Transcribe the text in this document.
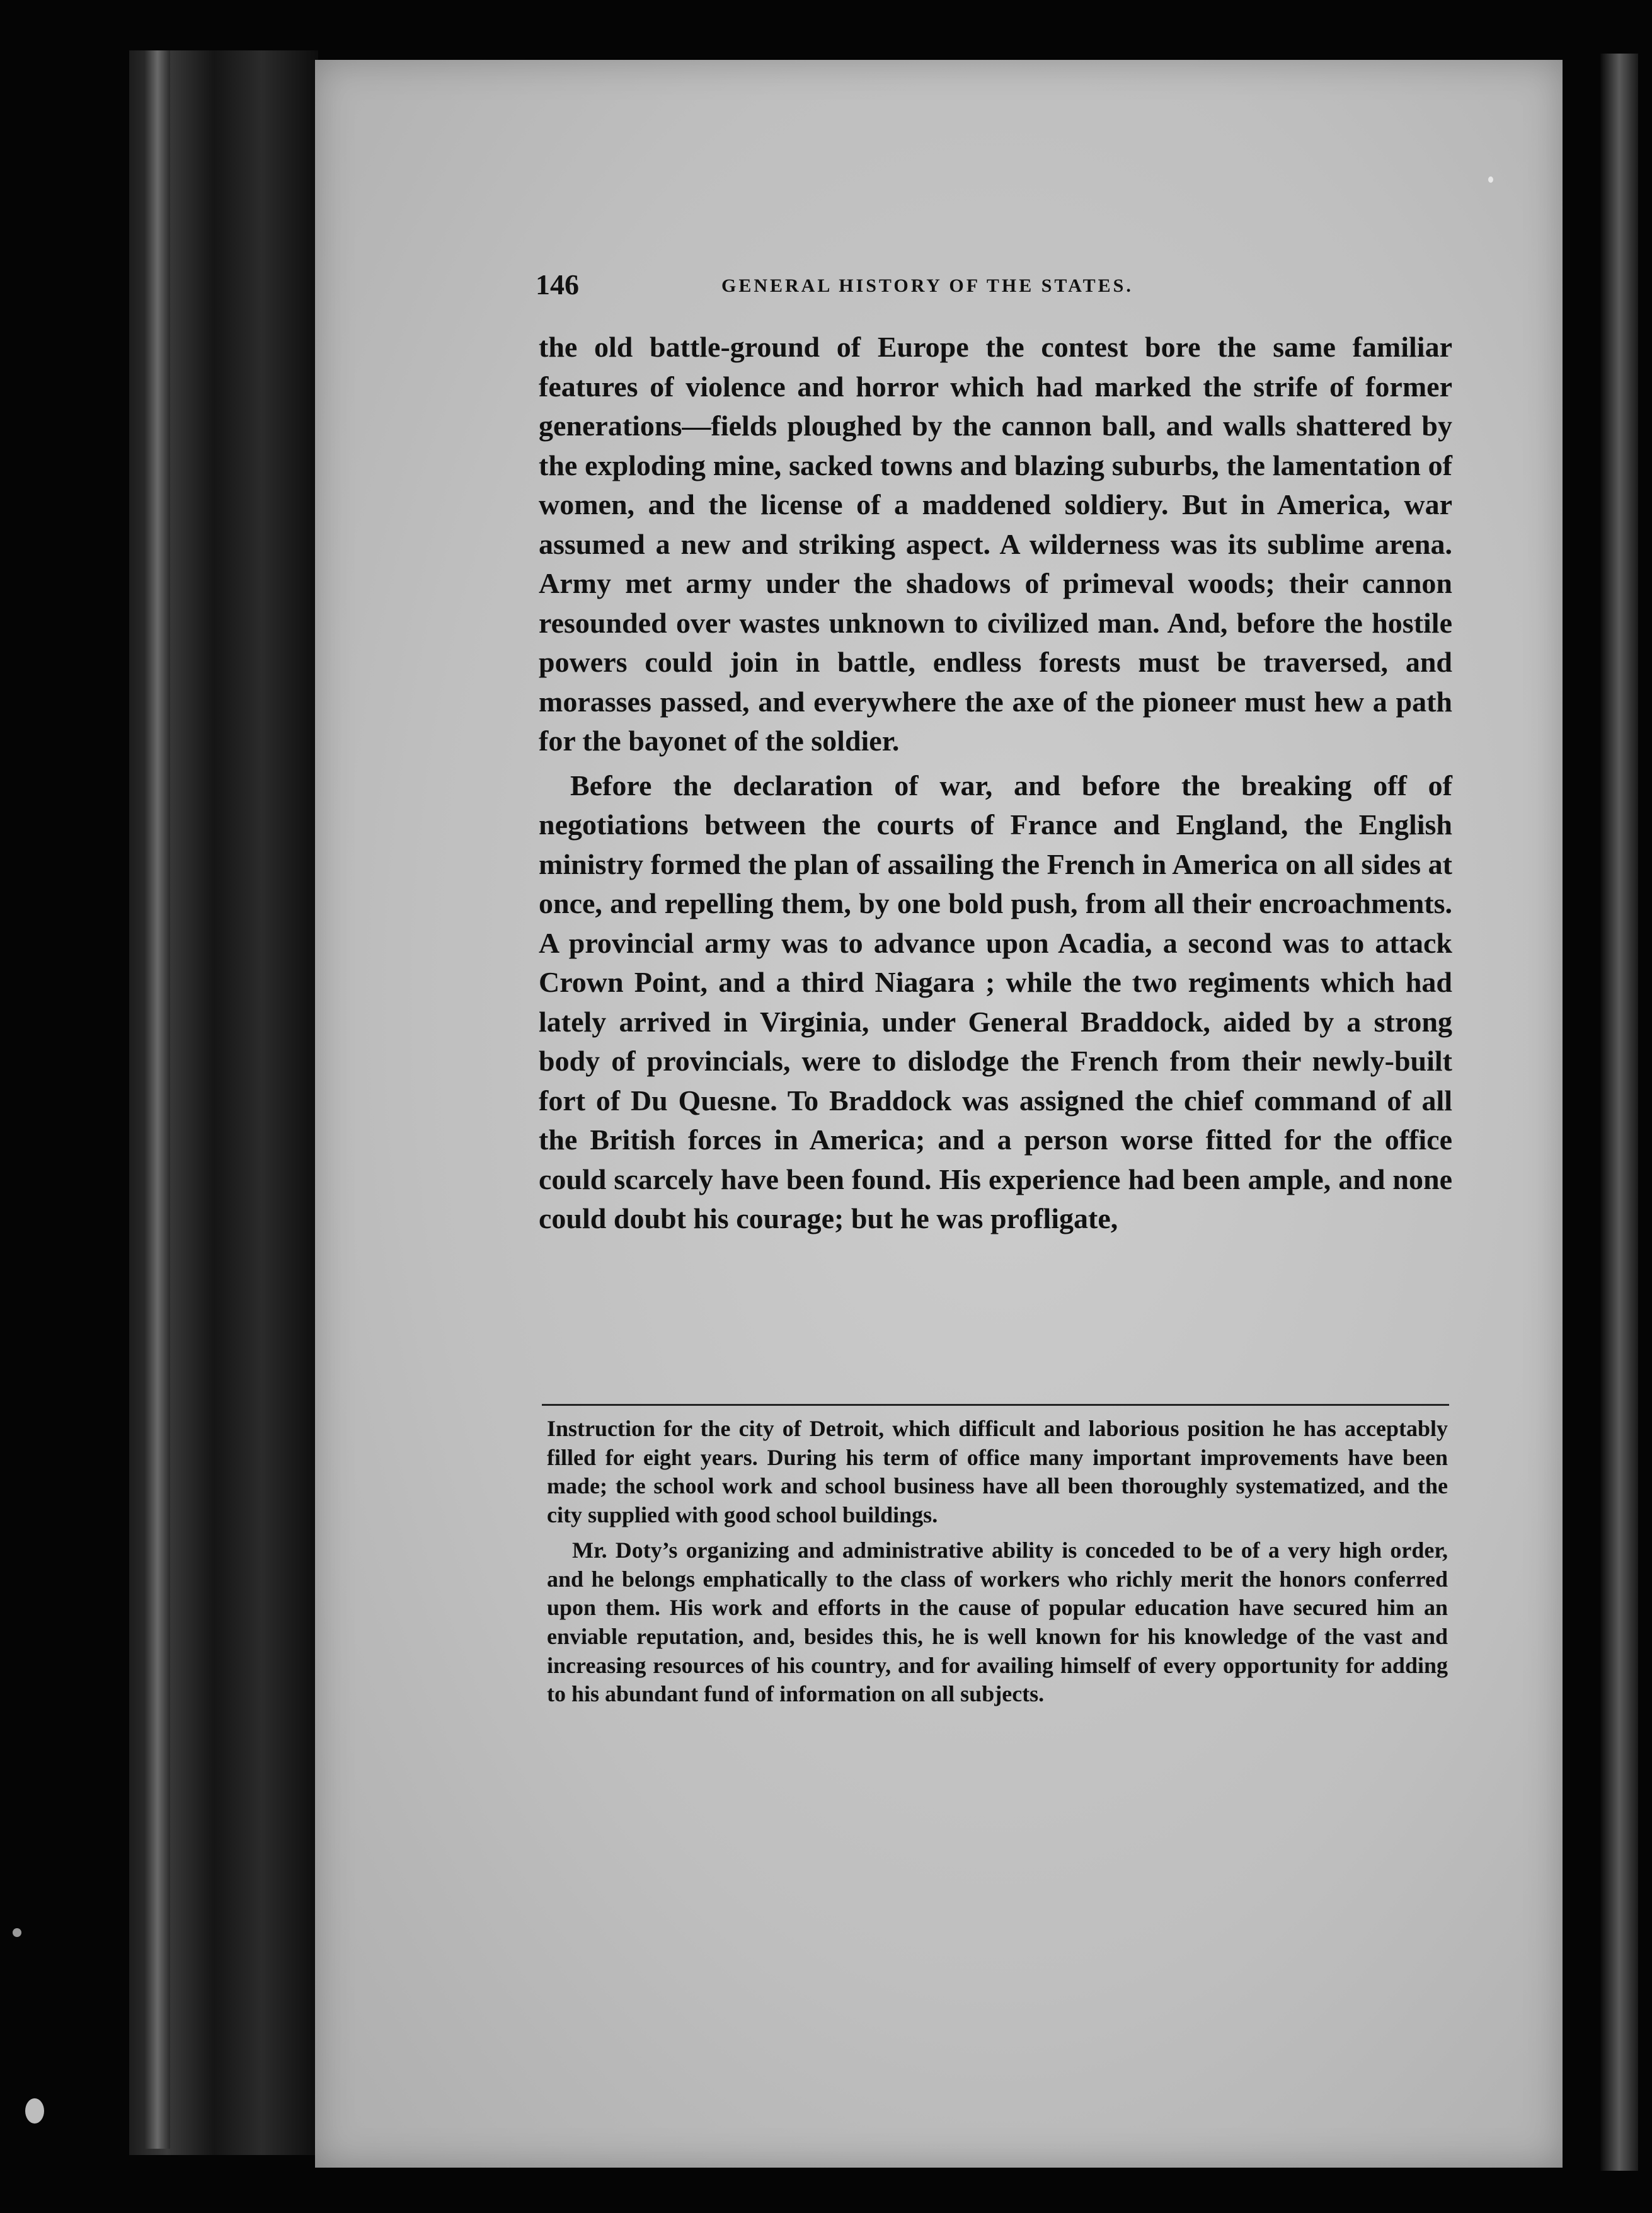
146	GENERAL HISTORY OF THE STATES.

the old battle-ground of Europe the contest bore the same familiar features of violence and horror which had marked the strife of former generations—fields ploughed by the cannon ball, and walls shattered by the exploding mine, sacked towns and blazing suburbs, the lamentation of women, and the license of a maddened soldiery. But in America, war assumed a new and striking aspect. A wilderness was its sublime arena. Army met army under the shadows of primeval woods; their cannon resounded over wastes unknown to civilized man. And, before the hostile powers could join in battle, endless forests must be traversed, and morasses passed, and everywhere the axe of the pioneer must hew a path for the bayonet of the soldier.

Before the declaration of war, and before the breaking off of negotiations between the courts of France and England, the English ministry formed the plan of assailing the French in America on all sides at once, and repelling them, by one bold push, from all their encroachments. A provincial army was to advance upon Acadia, a second was to attack Crown Point, and a third Niagara ; while the two regiments which had lately arrived in Virginia, under General Braddock, aided by a strong body of provincials, were to dislodge the French from their newly-built fort of Du Quesne. To Braddock was assigned the chief command of all the British forces in America; and a person worse fitted for the office could scarcely have been found. His experience had been ample, and none could doubt his courage; but he was profligate,

Instruction for the city of Detroit, which difficult and laborious position he has acceptably filled for eight years. During his term of office many important improvements have been made; the school work and school business have all been thoroughly systematized, and the city supplied with good school buildings.

Mr. Doty’s organizing and administrative ability is conceded to be of a very high order, and he belongs emphatically to the class of workers who richly merit the honors conferred upon them. His work and efforts in the cause of popular education have secured him an enviable reputation, and, besides this, he is well known for his knowledge of the vast and increasing resources of his country, and for availing himself of every opportunity for adding to his abundant fund of information on all subjects.
